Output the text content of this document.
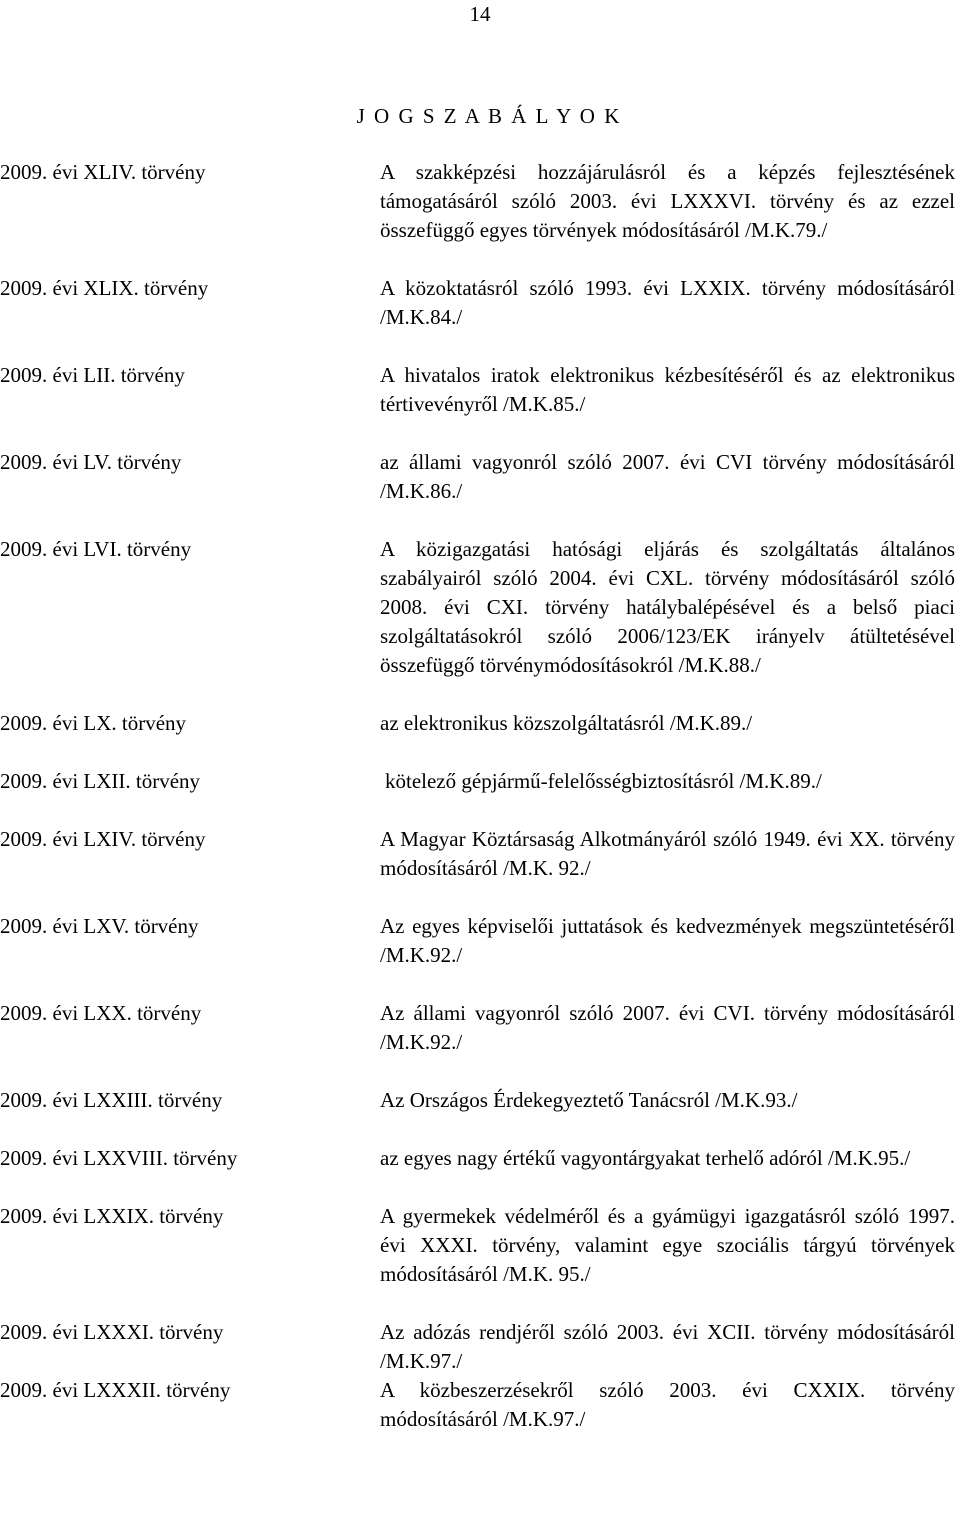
14
J O G S Z A B Á L Y O K
2009. évi XLIV. törvény	A szakképzési hozzájárulásról és a képzés fejlesztésének támogatásáról szóló 2003. évi LXXXVI. törvény és az ezzel összefüggő egyes törvények módosításáról /M.K.79./
2009. évi XLIX. törvény	A közoktatásról szóló 1993. évi LXXIX. törvény módosításáról /M.K.84./
2009. évi LII. törvény	A hivatalos iratok elektronikus kézbesítéséről és az elektronikus tértivevényről /M.K.85./
2009. évi LV. törvény	az állami vagyonról szóló 2007. évi CVI törvény módosításáról /M.K.86./
2009. évi LVI. törvény	A közigazgatási hatósági eljárás és szolgáltatás általános szabályairól szóló 2004. évi CXL. törvény módosításáról szóló 2008. évi CXI. törvény hatálybalépésével és a belső piaci szolgáltatásokról szóló 2006/123/EK irányelv átültetésével összefüggő törvénymódosításokról /M.K.88./
2009. évi LX. törvény	az elektronikus közszolgáltatásról /M.K.89./
2009. évi LXII. törvény	kötelező gépjármű-felelősségbiztosításról /M.K.89./
2009. évi LXIV. törvény	A Magyar Köztársaság Alkotmányáról szóló 1949. évi XX. törvény módosításáról /M.K. 92./
2009. évi LXV. törvény	Az egyes képviselői juttatások és kedvezmények megszüntetéséről /M.K.92./
2009. évi LXX. törvény	Az állami vagyonról szóló 2007. évi CVI. törvény módosításáról /M.K.92./
2009. évi LXXIII. törvény	Az Országos Érdekegyeztető Tanácsról /M.K.93./
2009. évi LXXVIII. törvény	az egyes nagy értékű vagyontárgyakat terhelő adóról /M.K.95./
2009. évi LXXIX. törvény	A gyermekek védelméről és a gyámügyi igazgatásról szóló 1997. évi XXXI. törvény, valamint egye szociális tárgyú törvények módosításáról /M.K. 95./
2009. évi LXXXI. törvény	Az adózás rendjéről szóló 2003. évi XCII. törvény módosításáról /M.K.97./
2009. évi LXXXII. törvény	A közbeszerzésekről szóló 2003. évi CXXIX. törvény módosításáról /M.K.97./
